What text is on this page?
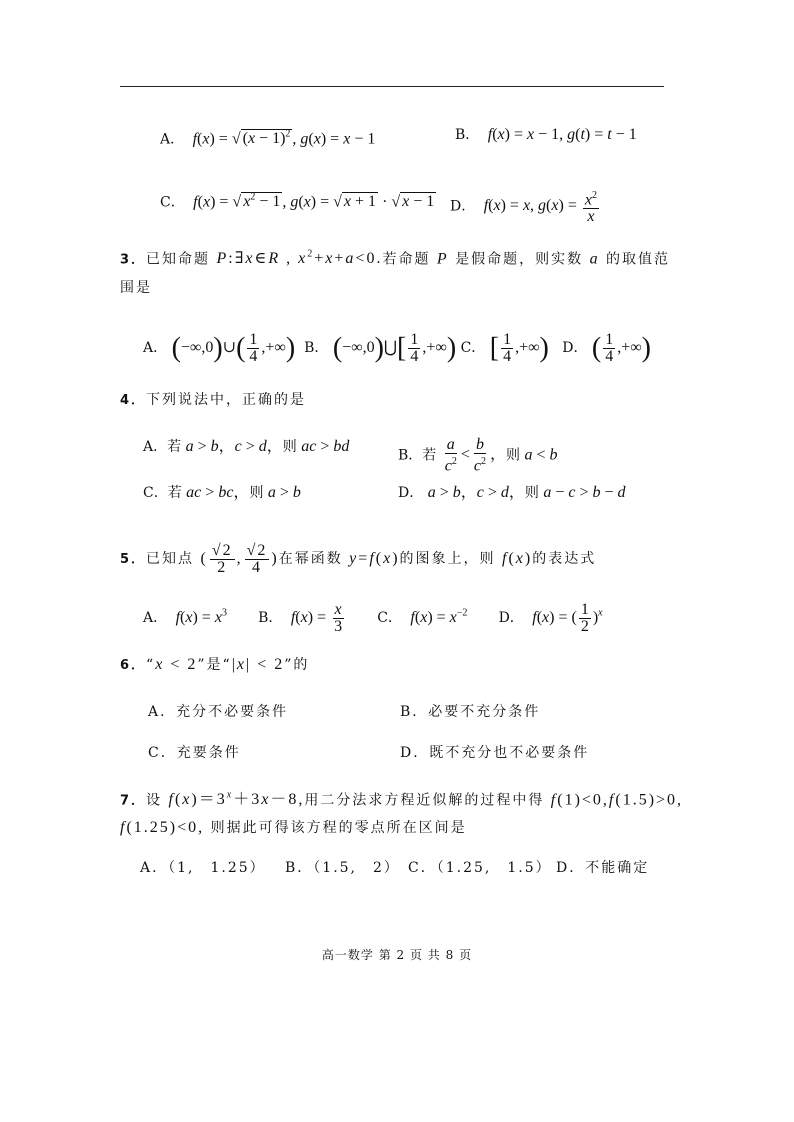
A． f(x) = √ $(x - 1)^2$ , g(x) = x − 1	B． f(x) = x − 1, g(t) = t − 1
C． f(x) = √ $x^2 - 1$ , g(x) = √ x + 1 · √ x − 1 D． f(x) = x, $g(x) = \frac{x^2}{x}$
3．已知命题 P:∃x∈R , $x^2+x+a<0$.若命题 P 是假命题，则实数 a 的取值范
围是
A． (−∞,0)∪( $\frac{1}{4}$ ,+∞) B． (−∞,0)⋃[ $\frac{1}{4}$ ,+∞) C． [ $\frac{1}{4}$ ,+∞) D． ( $\frac{1}{4}$ ,+∞)
4．下列说法中，正确的是
A．若 a > b，c > d，则 ac > bd
B．若 $\frac{a}{c^2} < \frac{b}{c^2}$ ，则 a < b
C．若 ac > bc，则 a > b	D． a > b，c > d，则 a − c > b − d
5．已知点 ( $\frac{√2}{2}$ , $\frac{√2}{4}$ )在幂函数 y=f(x)的图象上，则 f(x)的表达式
A． $f(x) = x^3$ B． $f(x) = \frac{x}{3}$ C． $f(x) = x^{-2}$ D． f(x) = ( $\frac{1}{2} )^x$
6．“x < 2”是“|x| < 2”的
A．充分不必要条件	B．必要不充分条件
C．充要条件	D．既不充分也不必要条件
7．设 $f(x)=3^x+3x-8$,用二分法求方程近似解的过程中得 f(1)<0,f(1.5)>0,
f(1.25)<0, 则据此可得该方程的零点所在区间是
A．（1,　1.25） B．（1.5,　2） C．（1.25,　1.5） D．不能确定
高一数学 第 2 页 共 8 页
